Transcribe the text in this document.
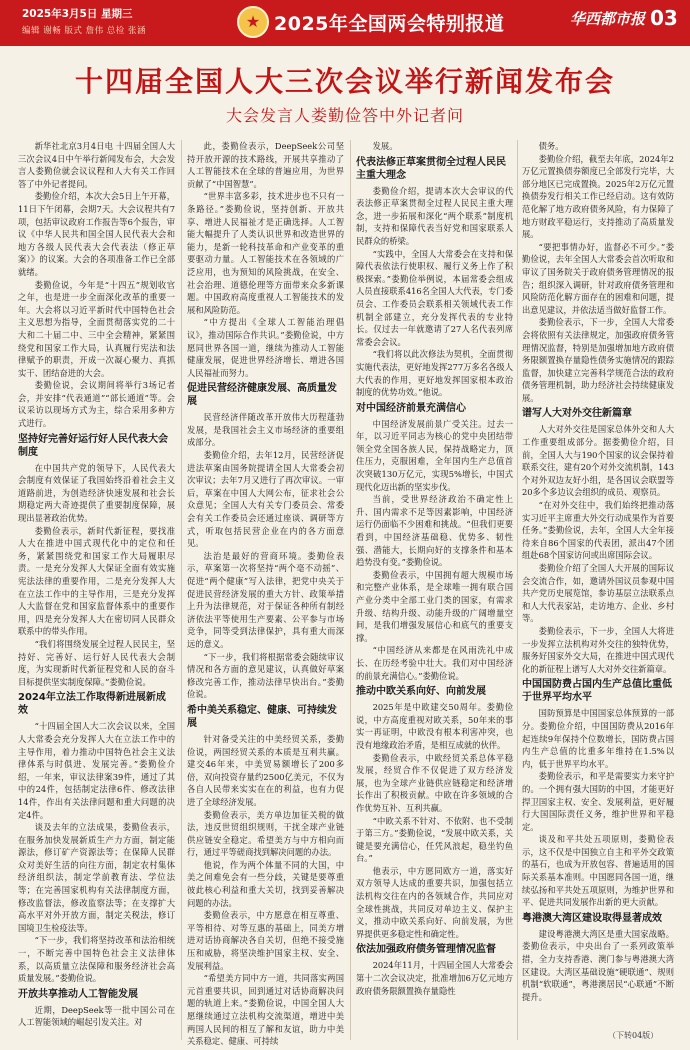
2025年3月5日 星期三
编辑 谢畅 版式 詹伟 总检 张涵	★ 2025年全国两会特别报道	华西都市报 03
十四届全国人大三次会议举行新闻发布会
大会发言人娄勤俭答中外记者问

新华社北京3月4日电 十四届全国人大三次会议4日中午举行新闻发布会，大会发言人娄勤俭就会议议程和人大有关工作回答了中外记者提问。

娄勤俭介绍，本次大会5日上午开幕，11日下午闭幕，会期7天。大会议程共有7项，包括审议政府工作报告等6个报告，审议《中华人民共和国全国人民代表大会和地方各级人民代表大会代表法（修正草案）》的议案。大会的各项准备工作已全部就绪。

娄勤俭说，今年是“十四五”规划收官之年，也是进一步全面深化改革的重要一年。大会将以习近平新时代中国特色社会主义思想为指导，全面贯彻落实党的二十大和二十届二中、三中全会精神，紧紧围绕党和国家工作大局，认真履行宪法和法律赋予的职责，开成一次凝心聚力、真抓实干、团结奋进的大会。

娄勤俭说，会议期间将举行3场记者会，并安排“代表通道”“部长通道”等。会议采访以现场方式为主，综合采用多种方式进行。

坚持好完善好运行好人民代表大会制度

在中国共产党的领导下，人民代表大会制度有效保证了我国始终沿着社会主义道路前进，为创造经济快速发展和社会长期稳定两大奇迹提供了重要制度保障，展现出显著政治优势。

娄勤俭表示，新时代新征程，要找准人大在推进中国式现代化中的定位和任务，紧紧围绕党和国家工作大局履职尽责。一是充分发挥人大保证全面有效实施宪法法律的重要作用，二是充分发挥人大在立法工作中的主导作用，三是充分发挥人大监督在党和国家监督体系中的重要作用，四是充分发挥人大在密切同人民群众联系中的带头作用。

“我们将围绕发展全过程人民民主，坚持好、完善好、运行好人民代表大会制度，为实现新时代新征程党和人民的奋斗目标提供坚实制度保障。”娄勤俭说。

2024年立法工作取得新进展新成效

“十四届全国人大二次会议以来，全国人大常委会充分发挥人大在立法工作中的主导作用，着力推动中国特色社会主义法律体系与时俱进、发展完善。”娄勤俭介绍，一年来，审议法律案39件，通过了其中的24件，包括制定法律6件、修改法律14件，作出有关法律问题和重大问题的决定4件。

谈及去年的立法成果，娄勤俭表示，在服务加快发展新质生产力方面，制定能源法，修订矿产资源法等；在保障人民群众对美好生活的向往方面，制定农村集体经济组织法，制定学前教育法、学位法等；在完善国家机构有关法律制度方面，修改监督法，修改监察法等；在支撑扩大高水平对外开放方面，制定关税法，修订国境卫生检疫法等。

“下一步，我们将坚持改革和法治相统一，不断完善中国特色社会主义法律体系，以高质量立法保障和服务经济社会高质量发展。”娄勤俭说。

开放共享推动人工智能发展

近期，DeepSeek等一批中国公司在人工智能领域的崛起引发关注。对

此，娄勤俭表示，DeepSeek公司坚持开放开源的技术路线，开展共享推动了人工智能技术在全球的普遍应用，为世界贡献了“中国智慧”。

“世界丰富多彩，技术进步也不只有一条路径。”娄勤俭说，坚持创新、开放共享、增进人民福祉才是正确选择。人工智能大幅提升了人类认识世界和改造世界的能力，是新一轮科技革命和产业变革的重要驱动力量。人工智能技术在各领域的广泛应用，也为预知的风险挑战，在安全、社会治理、道德伦理等方面带来众多新课题。中国政府高度重视人工智能技术的发展和风险防范。

“中方提出《全球人工智能治理倡议》，推动国际合作共识。”娄勤俭说，中方愿同世界各国一道，继续为推动人工智能健康发展，促进世界经济增长、增进各国人民福祉而努力。

促进民营经济健康发展、高质量发展

民营经济伴随改革开放伟大历程蓬勃发展，是我国社会主义市场经济的重要组成部分。

娄勤俭介绍，去年12月，民营经济促进法草案由国务院提请全国人大常委会初次审议；去年7月又进行了再次审议。一审后，草案在中国人大网公布，征求社会公众意见；全国人大有关专门委员会、常委会有关工作委员会还通过座谈、调研等方式，听取包括民营企业在内的各方面意见。

法治是最好的营商环境。娄勤俭表示，草案第一次将坚持“两个毫不动摇”、促进“两个健康”写入法律，把党中央关于促进民营经济发展的重大方针、政策举措上升为法律规范，对于保证各种所有制经济依法平等使用生产要素、公平参与市场竞争，同等受到法律保护，具有重大而深远的意义。

“下一步，我们将根据常委会随续审议情况和各方面的意见建议，认真做好草案修改完善工作，推动法律早快出台。”娄勤俭说。

希中美关系稳定、健康、可持续发展

针对备受关注的中美经贸关系，娄勤俭说，两国经贸关系的本质是互利共赢。建交46年来，中美贸易额增长了200多倍，双向投资存量约2500亿美元，不仅为各自人民带来实实在在的利益，也有力促进了全球经济发展。

娄勤俭表示，美方单边加征关税的做法，违反世贸组织规则，干扰全球产业链供应链安全稳定。希望美方与中方相向而行，通过平等磋商找到解决问题的办法。

他说，作为两个体量不同的大国，中美之间难免会有一些分歧，关键是要尊重彼此核心利益和重大关切，找到妥善解决问题的办法。

娄勤俭表示，中方愿意在相互尊重、平等相待、对等互惠的基础上，同美方增进对话协商解决各自关切，但绝不接受施压和威胁，将坚决维护国家主权、安全、发展利益。

“希望美方同中方一道，共同落实两国元首重要共识，回到通过对话协商解决问题的轨道上来。”娄勤俭说，中国全国人大愿继续通过立法机构交流渠道，增进中美两国人民间的相互了解和友谊，助力中美关系稳定、健康、可持续

发展。

代表法修正草案贯彻全过程人民民主重大理念

娄勤俭介绍，提请本次大会审议的代表法修正草案贯彻全过程人民民主重大理念，进一步拓展和深化“两个联系”制度机制，支持和保障代表当好党和国家联系人民群众的桥梁。

“实践中，全国人大常委会在支持和保障代表依法行使职权、履行义务上作了积极探索。”娄勤俭举例说，本届常委会组成人员直接联系416名全国人大代表，专门委员会、工作委员会联系相关领域代表工作机制全部建立，充分发挥代表的专业特长。仅过去一年就邀请了27人名代表列席常委会会议。

“我们将以此次修法为契机，全面贯彻实施代表法，更好地发挥277万多名各级人大代表的作用，更好地发挥国家根本政治制度的优势功效。”他说。

对中国经济前景充满信心

中国经济发展前景广受关注。过去一年，以习近平同志为核心的党中央团结带领全党全国各族人民，保持战略定力，顶住压力，克服困难，全年国内生产总值首次突破130万亿元，实现5%增长，中国式现代化迈出新的坚实步伐。

当前，受世界经济政治不确定性上升、国内需求不足等因素影响，中国经济运行仍面临不少困难和挑战。“但我们更要看到，中国经济基础稳、优势多、韧性强、潜能大，长期向好的支撑条件和基本趋势没有变。”娄勤俭说。

娄勤俭表示，中国拥有超大规模市场和完整产业体系，是全球唯一拥有联合国产业分类中全部工业门类的国家，有需求升级、结构升级、动能升级的广阔增量空间，是我们增强发展信心和底气的重要支撑。

“中国经济从来都是在风雨洗礼中成长、在历经考验中壮大。我们对中国经济的前景充满信心。”娄勤俭说。

推动中欧关系向好、向前发展

2025年是中欧建交50周年。娄勤俭说，中方高度重视对欧关系，50年来的事实一再证明，中欧没有根本利害冲突，也没有地缘政治矛盾，是相互成就的伙伴。

娄勤俭表示，中欧经贸关系总体平稳发展，经贸合作不仅促进了双方经济发展，也为全球产业链供应链稳定和经济增长作出了积极贡献。中欧在许多领域的合作优势互补、互利共赢。

“中欧关系不针对、不依附、也不受制于第三方。”娄勤俭说，“发展中欧关系，关键是要充满信心，任凭风浪起，稳坐钓鱼台。”

他表示，中方愿同欧方一道，落实好双方领导人达成的重要共识，加强包括立法机构交往在内的各领域合作，共同应对全球性挑战，共同反对单边主义、保护主义，推动中欧关系向好、向前发展，为世界提供更多稳定性和确定性。

依法加强政府债务管理情况监督

2024年11月，十四届全国人大常委会第十二次会议决定，批准增加6万亿元地方政府债务限额置换存量隐性

债务。

娄勤俭介绍，截至去年底，2024年2万亿元置换债券额度已全部发行完毕，大部分地区已完成置换。2025年2万亿元置换债券发行相关工作已经启动。这有效防范化解了地方政府债务风险，有力保障了地方财政平稳运行，支持推动了高质量发展。

“要把事情办好，监督必不可少。”娄勤俭说，去年全国人大常委会首次听取和审议了国务院关于政府债务管理情况的报告；组织深入调研，针对政府债务管理和风险防范化解方面存在的困难和问题，提出意见建议，并依法适当做好监督工作。

娄勤俭表示，下一步，全国人大常委会将依照有关法律规定，加强政府债务管理情况监督，特别是加强增加地方政府债务限额置换存量隐性债务实施情况的跟踪监督，加快建立完善科学规范合法的政府债务管理机制，助力经济社会持续健康发展。

谱写人大对外交往新篇章

人大对外交往是国家总体外交和人大工作重要组成部分。据娄勤俭介绍，目前，全国人大与190个国家的议会保持着联系交往，建有20个对外交流机制，143个对外双边友好小组，是各国议会联盟等20多个多边议会组织的成员、观察员。

“在对外交往中，我们始终把推动落实习近平主席重大外交行动成果作为首要任务。”娄勤俭说，去年，全国人大全年接待来自86个国家的代表团，派出47个团组赴68个国家访问或出席国际会议。

娄勤俭介绍了全国人大开展的国际议会交流合作，如，邀请外国议员参观中国共产党历史展览馆，参访基层立法联系点和人大代表家站，走访地方、企业、乡村等。

娄勤俭表示，下一步，全国人大将进一步发挥立法机构对外交往的独特优势，服务好国家外交大局，在推进中国式现代化的新征程上谱写人大对外交往新篇章。

中国国防费占国内生产总值比重低于世界平均水平

国防预算是中国国家总体预算的一部分。娄勤俭介绍，中国国防费从2016年起连续9年保持个位数增长，国防费占国内生产总值的比重多年维持在1.5%以内，低于世界平均水平。

娄勤俭表示，和平是需要实力来守护的。一个拥有强大国防的中国，才能更好捍卫国家主权、安全、发展利益，更好履行大国国际责任义务，维护世界和平稳定。

谈及和平共处五项原则，娄勤俭表示，这不仅是中国独立自主和平外交政策的基石，也成为开放包容、普遍适用的国际关系基本准则。中国愿同各国一道，继续弘扬和平共处五项原则，为维护世界和平、促进共同发展作出新的更大贡献。

粤港澳大湾区建设取得显著成效

建设粤港澳大湾区是重大国家战略。娄勤俭表示，中央出台了一系列政策举措，全力支持香港、澳门参与粤港澳大湾区建设。大湾区基础设施“硬联通”、规则机制“软联通”，粤港澳居民“心联通”不断提升。

（下转04版）
